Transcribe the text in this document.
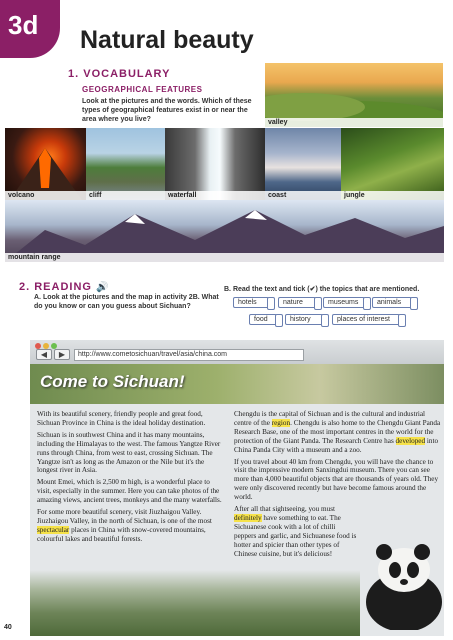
3d Natural beauty
1. VOCABULARY
GEOGRAPHICAL FEATURES
Look at the pictures and the words. Which of these types of geographical features exist in or near the area where you live?	valley
volcano	cliff	waterfall	coast	jungle
mountain range
2. READING 🔊
A. Look at the pictures and the map in activity 2B. What do you know or can you guess about Sichuan?
B. Read the text and tick (✔) the topics that are mentioned.
hotels	nature	museums	animals
food	history	places of interest
◀	▶	http://www.cometosichuan/travel/asia/china.com
Come to Sichuan!

With its beautiful scenery, friendly people and great food, Sichuan Province in China is the ideal holiday destination.

Sichuan is in southwest China and it has many mountains, including the Himalayas to the west. The famous Yangtze River runs through China, from west to east, crossing Sichuan. The Yangtze isn't as long as the Amazon or the Nile but it's the longest river in Asia.

Mount Emei, which is 2,500 m high, is a wonderful place to visit, especially in the summer. Here you can take photos of the amazing views, ancient trees, monkeys and the many waterfalls.

For some more beautiful scenery, visit Jiuzhaigou Valley. Jiuzhaigou Valley, in the north of Sichuan, is one of the most spectacular places in China with snow-covered mountains, colourful lakes and beautiful forests.

Chengdu is the capital of Sichuan and is the cultural and industrial centre of the region. Chengdu is also home to the Chengdu Giant Panda Research Base, one of the most important centres in the world for the protection of the Giant Panda. The Research Centre has developed into China Panda City with a museum and a zoo.

If you travel about 40 km from Chengdu, you will have the chance to visit the impressive modern Sanxingdui museum. There you can see more than 4,000 beautiful objects that are thousands of years old. They were only discovered recently but have become famous around the world.

After all that sightseeing, you must definitely have something to eat. The Sichuanese cook with a lot of chilli peppers and garlic, and Sichuanese food is hotter and spicier than other types of Chinese cuisine, but it's delicious!

40
